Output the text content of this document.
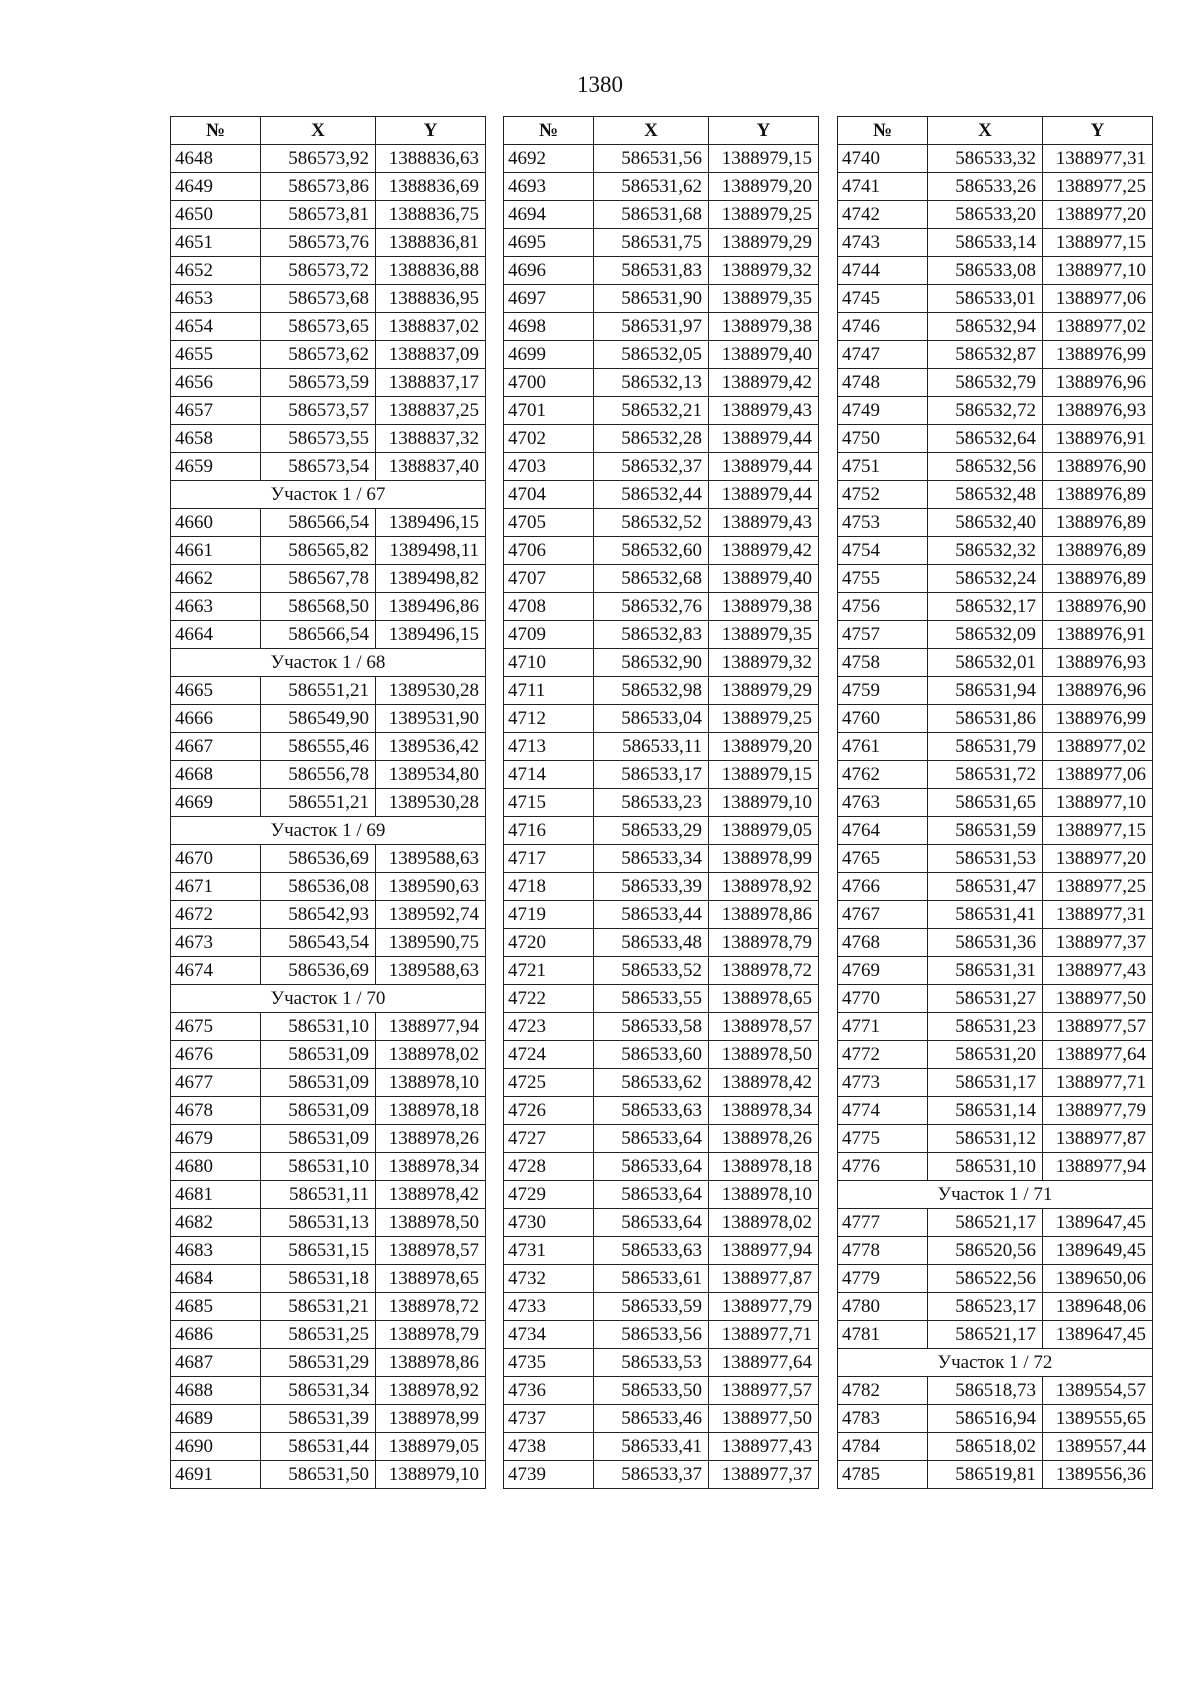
1380
№	X	Y
4648	586573,92	1388836,63
4649	586573,86	1388836,69
4650	586573,81	1388836,75
4651	586573,76	1388836,81
4652	586573,72	1388836,88
4653	586573,68	1388836,95
4654	586573,65	1388837,02
4655	586573,62	1388837,09
4656	586573,59	1388837,17
4657	586573,57	1388837,25
4658	586573,55	1388837,32
4659	586573,54	1388837,40
Участок 1 / 67		
4660	586566,54	1389496,15
4661	586565,82	1389498,11
4662	586567,78	1389498,82
4663	586568,50	1389496,86
4664	586566,54	1389496,15
Участок 1 / 68		
4665	586551,21	1389530,28
4666	586549,90	1389531,90
4667	586555,46	1389536,42
4668	586556,78	1389534,80
4669	586551,21	1389530,28
Участок 1 / 69		
4670	586536,69	1389588,63
4671	586536,08	1389590,63
4672	586542,93	1389592,74
4673	586543,54	1389590,75
4674	586536,69	1389588,63
Участок 1 / 70		
4675	586531,10	1388977,94
4676	586531,09	1388978,02
4677	586531,09	1388978,10
4678	586531,09	1388978,18
4679	586531,09	1388978,26
4680	586531,10	1388978,34
4681	586531,11	1388978,42
4682	586531,13	1388978,50
4683	586531,15	1388978,57
4684	586531,18	1388978,65
4685	586531,21	1388978,72
4686	586531,25	1388978,79
4687	586531,29	1388978,86
4688	586531,34	1388978,92
4689	586531,39	1388978,99
4690	586531,44	1388979,05
4691	586531,50	1388979,10
№	X	Y
4692	586531,56	1388979,15
4693	586531,62	1388979,20
4694	586531,68	1388979,25
4695	586531,75	1388979,29
4696	586531,83	1388979,32
4697	586531,90	1388979,35
4698	586531,97	1388979,38
4699	586532,05	1388979,40
4700	586532,13	1388979,42
4701	586532,21	1388979,43
4702	586532,28	1388979,44
4703	586532,37	1388979,44
4704	586532,44	1388979,44
4705	586532,52	1388979,43
4706	586532,60	1388979,42
4707	586532,68	1388979,40
4708	586532,76	1388979,38
4709	586532,83	1388979,35
4710	586532,90	1388979,32
4711	586532,98	1388979,29
4712	586533,04	1388979,25
4713	586533,11	1388979,20
4714	586533,17	1388979,15
4715	586533,23	1388979,10
4716	586533,29	1388979,05
4717	586533,34	1388978,99
4718	586533,39	1388978,92
4719	586533,44	1388978,86
4720	586533,48	1388978,79
4721	586533,52	1388978,72
4722	586533,55	1388978,65
4723	586533,58	1388978,57
4724	586533,60	1388978,50
4725	586533,62	1388978,42
4726	586533,63	1388978,34
4727	586533,64	1388978,26
4728	586533,64	1388978,18
4729	586533,64	1388978,10
4730	586533,64	1388978,02
4731	586533,63	1388977,94
4732	586533,61	1388977,87
4733	586533,59	1388977,79
4734	586533,56	1388977,71
4735	586533,53	1388977,64
4736	586533,50	1388977,57
4737	586533,46	1388977,50
4738	586533,41	1388977,43
4739	586533,37	1388977,37
№	X	Y
4740	586533,32	1388977,31
4741	586533,26	1388977,25
4742	586533,20	1388977,20
4743	586533,14	1388977,15
4744	586533,08	1388977,10
4745	586533,01	1388977,06
4746	586532,94	1388977,02
4747	586532,87	1388976,99
4748	586532,79	1388976,96
4749	586532,72	1388976,93
4750	586532,64	1388976,91
4751	586532,56	1388976,90
4752	586532,48	1388976,89
4753	586532,40	1388976,89
4754	586532,32	1388976,89
4755	586532,24	1388976,89
4756	586532,17	1388976,90
4757	586532,09	1388976,91
4758	586532,01	1388976,93
4759	586531,94	1388976,96
4760	586531,86	1388976,99
4761	586531,79	1388977,02
4762	586531,72	1388977,06
4763	586531,65	1388977,10
4764	586531,59	1388977,15
4765	586531,53	1388977,20
4766	586531,47	1388977,25
4767	586531,41	1388977,31
4768	586531,36	1388977,37
4769	586531,31	1388977,43
4770	586531,27	1388977,50
4771	586531,23	1388977,57
4772	586531,20	1388977,64
4773	586531,17	1388977,71
4774	586531,14	1388977,79
4775	586531,12	1388977,87
4776	586531,10	1388977,94
Участок 1 / 71		
4777	586521,17	1389647,45
4778	586520,56	1389649,45
4779	586522,56	1389650,06
4780	586523,17	1389648,06
4781	586521,17	1389647,45
Участок 1 / 72		
4782	586518,73	1389554,57
4783	586516,94	1389555,65
4784	586518,02	1389557,44
4785	586519,81	1389556,36
